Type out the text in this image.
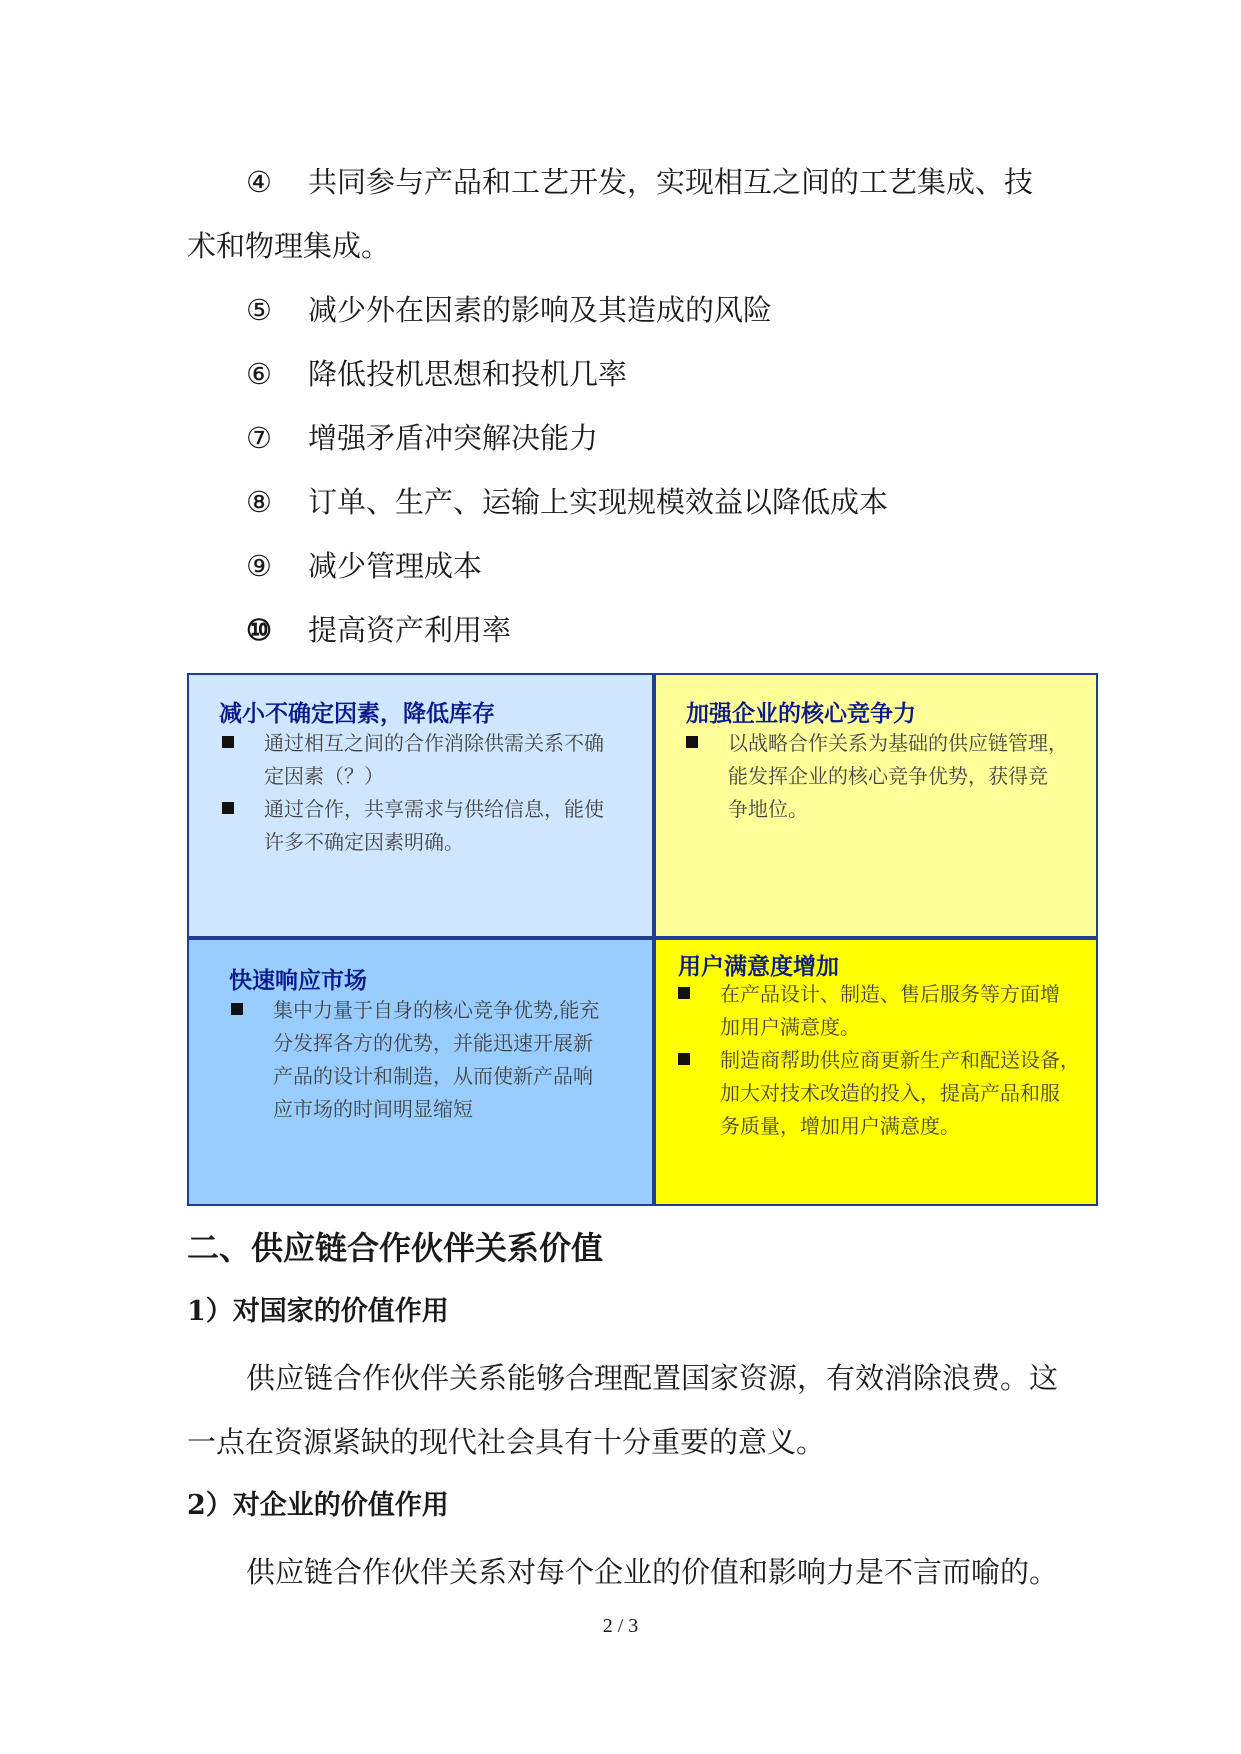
④ 共同参与产品和工艺开发，实现相互之间的工艺集成、技
术和物理集成。
⑤ 减少外在因素的影响及其造成的风险
⑥ 降低投机思想和投机几率
⑦ 增强矛盾冲突解决能力
⑧ 订单、生产、运输上实现规模效益以降低成本
⑨ 减少管理成本
⑩ 提高资产利用率
减小不确定因素，降低库存
通过相互之间的合作消除供需关系不确
定因素（？）
通过合作，共享需求与供给信息，能使
许多不确定因素明确。
加强企业的核心竞争力
以战略合作关系为基础的供应链管理，
能发挥企业的核心竞争优势，获得竞
争地位。
快速响应市场
集中力量于自身的核心竞争优势,能充
分发挥各方的优势，并能迅速开展新
产品的设计和制造，从而使新产品响
应市场的时间明显缩短
用户满意度增加
在产品设计、制造、售后服务等方面增
加用户满意度。
制造商帮助供应商更新生产和配送设备，
加大对技术改造的投入，提高产品和服
务质量，增加用户满意度。
二、供应链合作伙伴关系价值
1）对国家的价值作用
供应链合作伙伴关系能够合理配置国家资源，有效消除浪费。这
一点在资源紧缺的现代社会具有十分重要的意义。
2）对企业的价值作用
供应链合作伙伴关系对每个企业的价值和影响力是不言而喻的。
2 / 3
